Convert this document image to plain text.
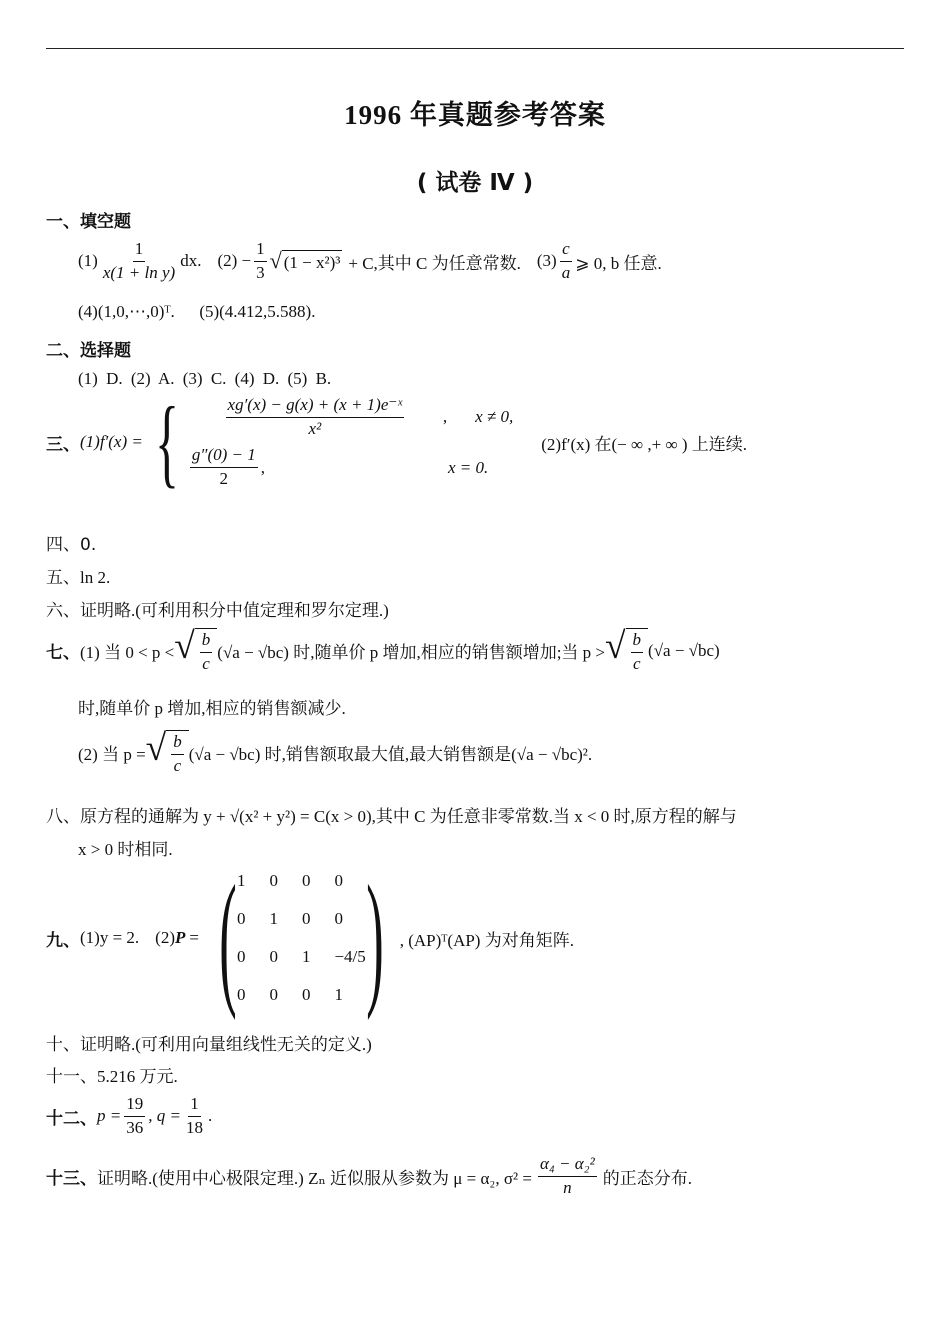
1996 年真题参考答案
( 试卷 Ⅳ )
一、填空题
$(1) \frac{1}{\text{x(1 + ln y)}}$ dx. $(2) - \frac{1}{3}$ √ (1 − x²)³ + C,其中 C 为任意常数. $(3) \frac{c}{a}$ ⩾ 0, b 任意.
(4)(1,0,⋯,0)ᵀ. (5)(4.412,5.588).
二、选择题
(1) D. (2) A. (3) C. (4) D. (5) B.
三、 (1)f′(x) = { $\frac{\text{xg′(x) − g(x) + (x + 1)e⁻ˣ}}{\text{x²}}$ , x ≠ 0,
$\frac{g''(0) - 1}{2}$ ,	x = 0.
(2)f′(x) 在(− ∞ ,+ ∞ ) 上连续.
四、0.
五、ln 2.
六、证明略.(可利用积分中值定理和罗尔定理.)
七、 (1) 当 0 < p < √ $\frac{b}{c} (√a - √bc)$ 时,随单价 p 增加,相应的销售额增加;当 p > √ $\frac{b}{c} (√a - √bc)$
时,随单价 p 增加,相应的销售额减少.
(2) 当 p = √ $\frac{b}{c} (√a - √bc)$ 时,销售额取最大值,最大销售额是(√a − √bc)².
八、原方程的通解为 y + √(x² + y²) = C(x > 0),其中 C 为任意非零常数.当 x < 0 时,原方程的解与
x > 0 时相同.
九、 (1)y = 2. (2) P = ( 1	0	0	0
0	1	0	0
0	0	1	−4/5
0	0	0	1 ) , (AP)ᵀ(AP) 为对角矩阵.
十、证明略.(可利用向量组线性无关的定义.)
十一、5.216 万元.
十二、 $p = \frac{19}{36}$ , $q = \frac{1}{18}$ .
十三、 证明略.(使用中心极限定理.) Zₙ 近似服从参数为 μ = α₂, $\sigma^2 = \frac{\text{α₄ − α₂²}}{n}$ 的正态分布.
